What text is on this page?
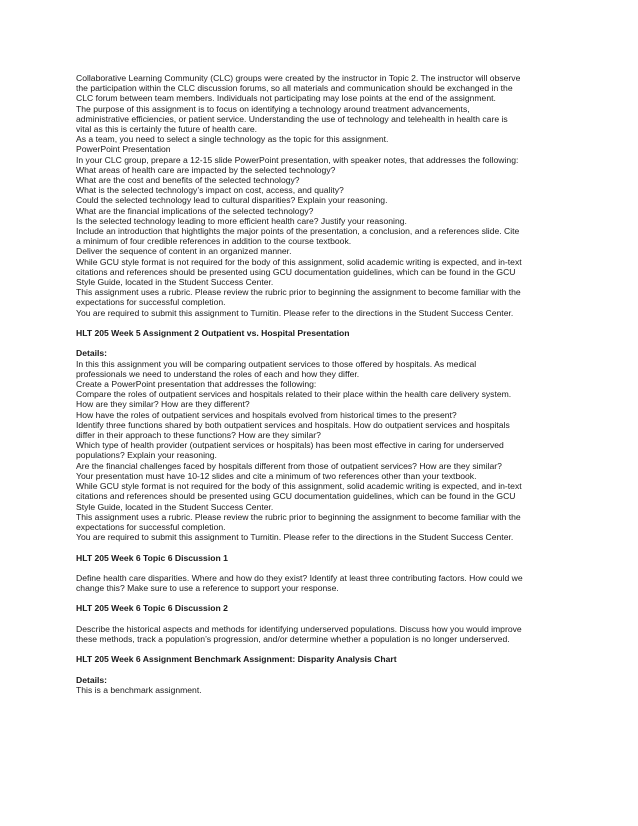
Collaborative Learning Community (CLC) groups were created by the instructor in Topic 2. The instructor will observe
the participation within the CLC discussion forums, so all materials and communication should be exchanged in the
CLC forum between team members. Individuals not participating may lose points at the end of the assignment.
The purpose of this assignment is to focus on identifying a technology around treatment advancements,
administrative efficiencies, or patient service. Understanding the use of technology and telehealth in health care is
vital as this is certainly the future of health care.
As a team, you need to select a single technology as the topic for this assignment.
PowerPoint Presentation
In your CLC group, prepare a 12-15 slide PowerPoint presentation, with speaker notes, that addresses the following:
What areas of health care are impacted by the selected technology?
What are the cost and benefits of the selected technology?
What is the selected technology’s impact on cost, access, and quality?
Could the selected technology lead to cultural disparities? Explain your reasoning.
What are the financial implications of the selected technology?
Is the selected technology leading to more efficient health care? Justify your reasoning.
Include an introduction that hightlights the major points of the presentation, a conclusion, and a references slide. Cite
a minimum of four credible references in addition to the course textbook.
Deliver the sequence of content in an organized manner.
While GCU style format is not required for the body of this assignment, solid academic writing is expected, and in-text
citations and references should be presented using GCU documentation guidelines, which can be found in the GCU
Style Guide, located in the Student Success Center.
This assignment uses a rubric. Please review the rubric prior to beginning the assignment to become familiar with the
expectations for successful completion.
You are required to submit this assignment to Turnitin. Please refer to the directions in the Student Success Center.
HLT 205 Week 5 Assignment 2 Outpatient vs. Hospital Presentation
Details:
In this this assignment you will be comparing outpatient services to those offered by hospitals. As medical
professionals we need to understand the roles of each and how they differ.
Create a PowerPoint presentation that addresses the following:
Compare the roles of outpatient services and hospitals related to their place within the health care delivery system.
How are they similar? How are they different?
How have the roles of outpatient services and hospitals evolved from historical times to the present?
Identify three functions shared by both outpatient services and hospitals. How do outpatient services and hospitals
differ in their approach to these functions? How are they similar?
Which type of health provider (outpatient services or hospitals) has been most effective in caring for underserved
populations? Explain your reasoning.
Are the financial challenges faced by hospitals different from those of outpatient services? How are they similar?
Your presentation must have 10-12 slides and cite a minimum of two references other than your textbook.
While GCU style format is not required for the body of this assignment, solid academic writing is expected, and in-text
citations and references should be presented using GCU documentation guidelines, which can be found in the GCU
Style Guide, located in the Student Success Center.
This assignment uses a rubric. Please review the rubric prior to beginning the assignment to become familiar with the
expectations for successful completion.
You are required to submit this assignment to Turnitin. Please refer to the directions in the Student Success Center.
HLT 205 Week 6 Topic 6 Discussion 1
Define health care disparities. Where and how do they exist? Identify at least three contributing factors. How could we
change this? Make sure to use a reference to support your response.
HLT 205 Week 6 Topic 6 Discussion 2
Describe the historical aspects and methods for identifying underserved populations. Discuss how you would improve
these methods, track a population’s progression, and/or determine whether a population is no longer underserved.
HLT 205 Week 6 Assignment Benchmark Assignment: Disparity Analysis Chart
Details:
This is a benchmark assignment.
